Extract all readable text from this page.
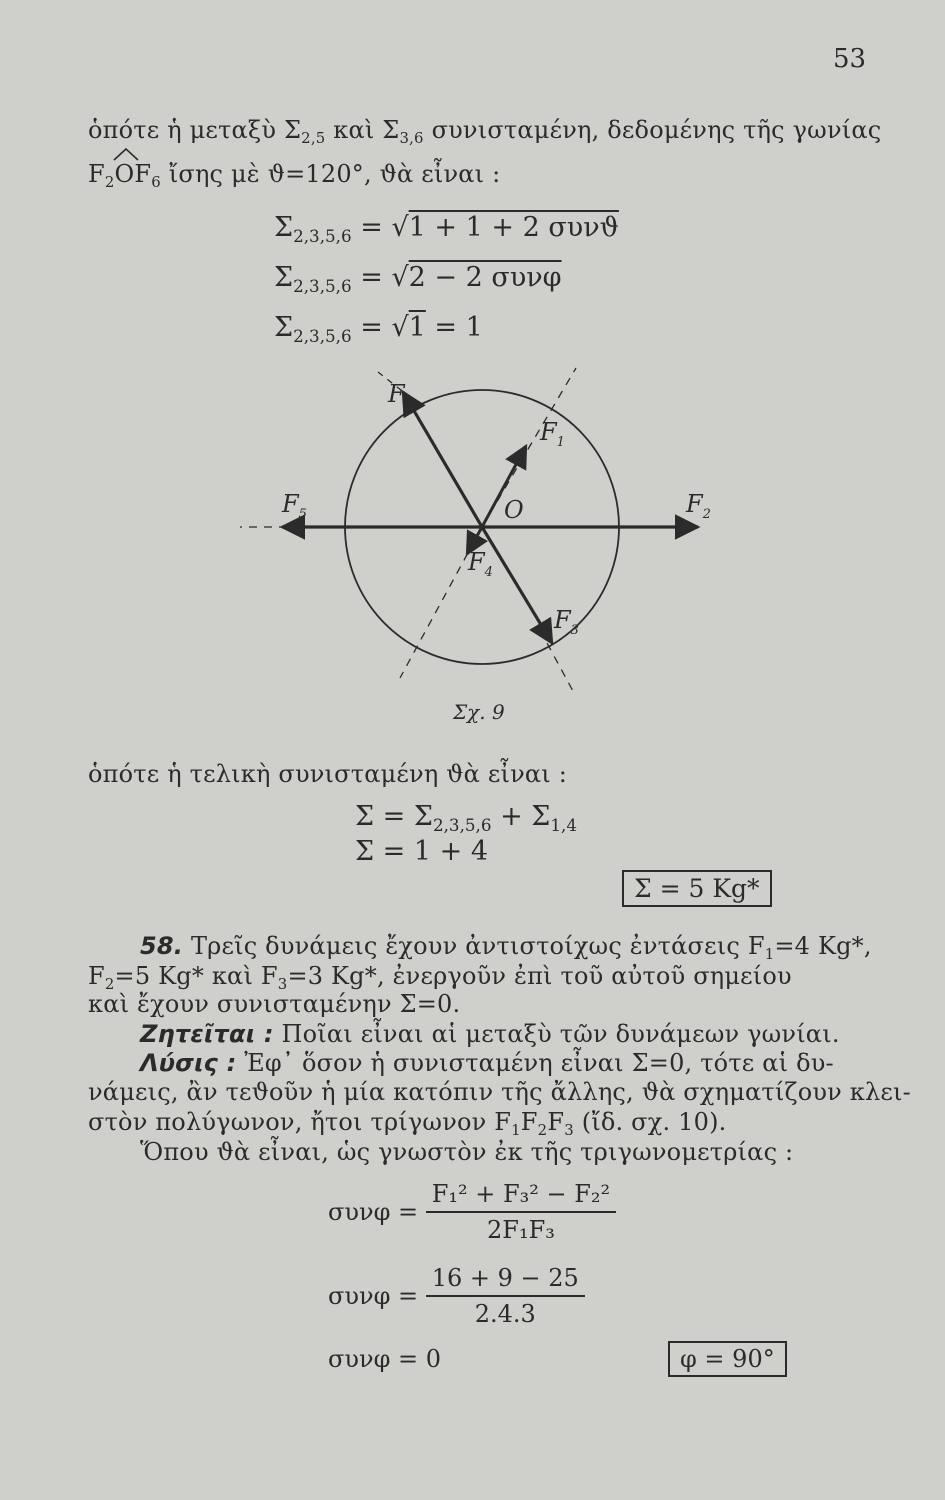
53
ὁπότε ἡ μεταξὺ $\Sigma_{2,5}$ καὶ $\Sigma_{3,6}$ συνισταμένη, δεδομένης τῆς γωνίας
$F_2OF_6$ ἴσης μὲ ϑ=120°, ϑὰ εἶναι :
$\Sigma_{2,3,5,6} = √1 + 1 + 2$ συνϑ
$\Sigma_{2,3,5,6} = √2 - 2$ συνφ
$\Sigma_{2,3,5,6} = √1 = 1$
$F_6$
$F_1$
$F_5$	$F_2$
$F_4$
$F_3$
O
Σχ. 9
ὁπότε ἡ τελικὴ συνισταμένη ϑὰ εἶναι :
$\Sigma = \Sigma_{2,3,5,6} + \Sigma_{1,4}$
Σ = 1 + 4
Σ = 5 Kg*
58. Τρεῖς δυνάμεις ἔχουν ἀντιστοίχως ἐντάσεις $F_1=4$ Kg*,
$F_2=5$ Kg* καὶ $F_3=3$ Kg*, ἐνεργοῦν ἐπὶ τοῦ αὐτοῦ σημείου
καὶ ἔχουν συνισταμένην Σ=0.
Ζητεῖται : Ποῖαι εἶναι αἱ μεταξὺ τῶν δυνάμεων γωνίαι.
Λύσις : Ἐφ᾽ ὅσον ἡ συνισταμένη εἶναι Σ=0, τότε αἱ δυ-
νάμεις, ἂν τεϑοῦν ἡ μία κατόπιν τῆς ἄλλης, ϑὰ σχηματίζουν κλει-
στὸν πολύγωνον, ἤτοι τρίγωνον $F_1F_2F_3$ (ἴδ. σχ. 10).
Ὅπου ϑὰ εἶναι, ὡς γνωστὸν ἐκ τῆς τριγωνομετρίας :
$\sigma\upsilon\nu\varphi = \frac{\text{F₁² + F₃² − F₂²}}{\text{2F₁F₃}}$
$\sigma\upsilon\nu\varphi = \frac{16 + 9 - 25}{2.4.3}$
συνφ = 0	φ = 90°
